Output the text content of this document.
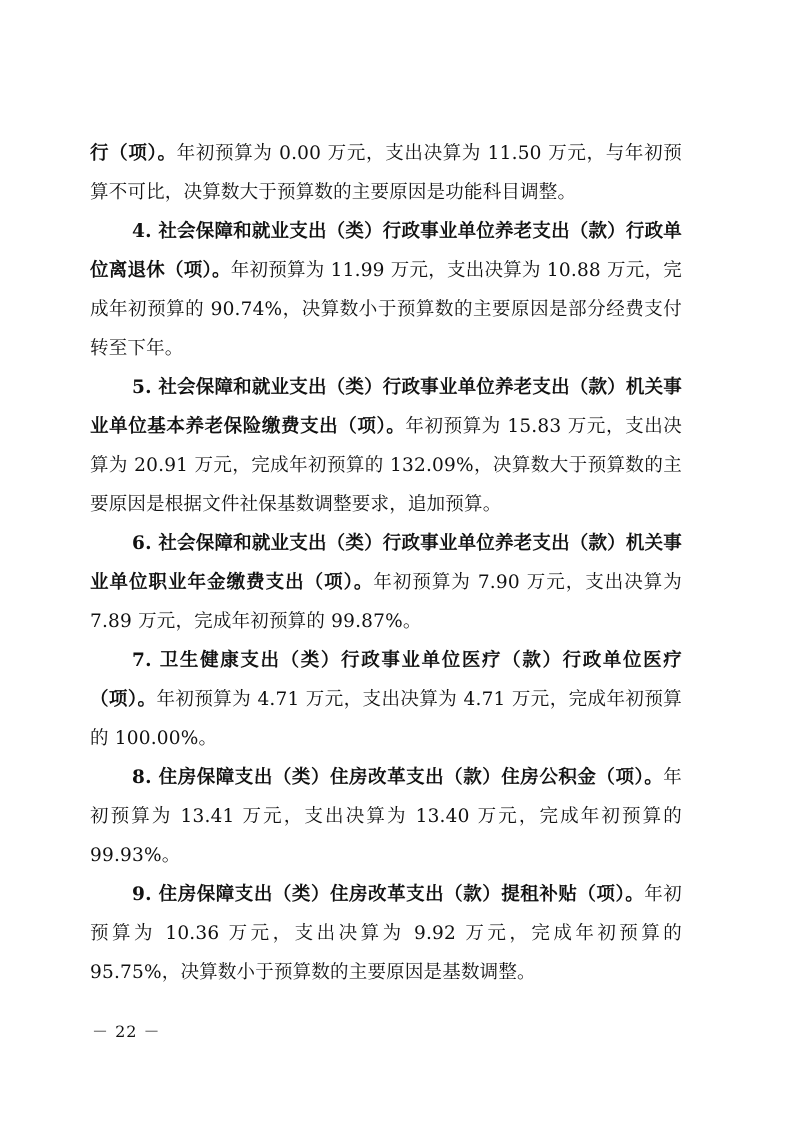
行（项）。年初预算为 0.00 万元，支出决算为 11.50 万元，与年初预算不可比，决算数大于预算数的主要原因是功能科目调整。

4. 社会保障和就业支出（类）行政事业单位养老支出（款）行政单位离退休（项）。年初预算为 11.99 万元，支出决算为 10.88 万元，完成年初预算的 90.74%，决算数小于预算数的主要原因是部分经费支付转至下年。

5. 社会保障和就业支出（类）行政事业单位养老支出（款）机关事业单位基本养老保险缴费支出（项）。年初预算为 15.83 万元，支出决算为 20.91 万元，完成年初预算的 132.09%，决算数大于预算数的主要原因是根据文件社保基数调整要求，追加预算。

6. 社会保障和就业支出（类）行政事业单位养老支出（款）机关事业单位职业年金缴费支出（项）。年初预算为 7.90 万元，支出决算为 7.89 万元，完成年初预算的 99.87%。

7. 卫生健康支出（类）行政事业单位医疗（款）行政单位医疗（项）。年初预算为 4.71 万元，支出决算为 4.71 万元，完成年初预算的 100.00%。

8. 住房保障支出（类）住房改革支出（款）住房公积金（项）。年初预算为 13.41 万元，支出决算为 13.40 万元，完成年初预算的 99.93%。

9. 住房保障支出（类）住房改革支出（款）提租补贴（项）。年初预算为 10.36 万元，支出决算为 9.92 万元，完成年初预算的 95.75%，决算数小于预算数的主要原因是基数调整。

－ 22 －
